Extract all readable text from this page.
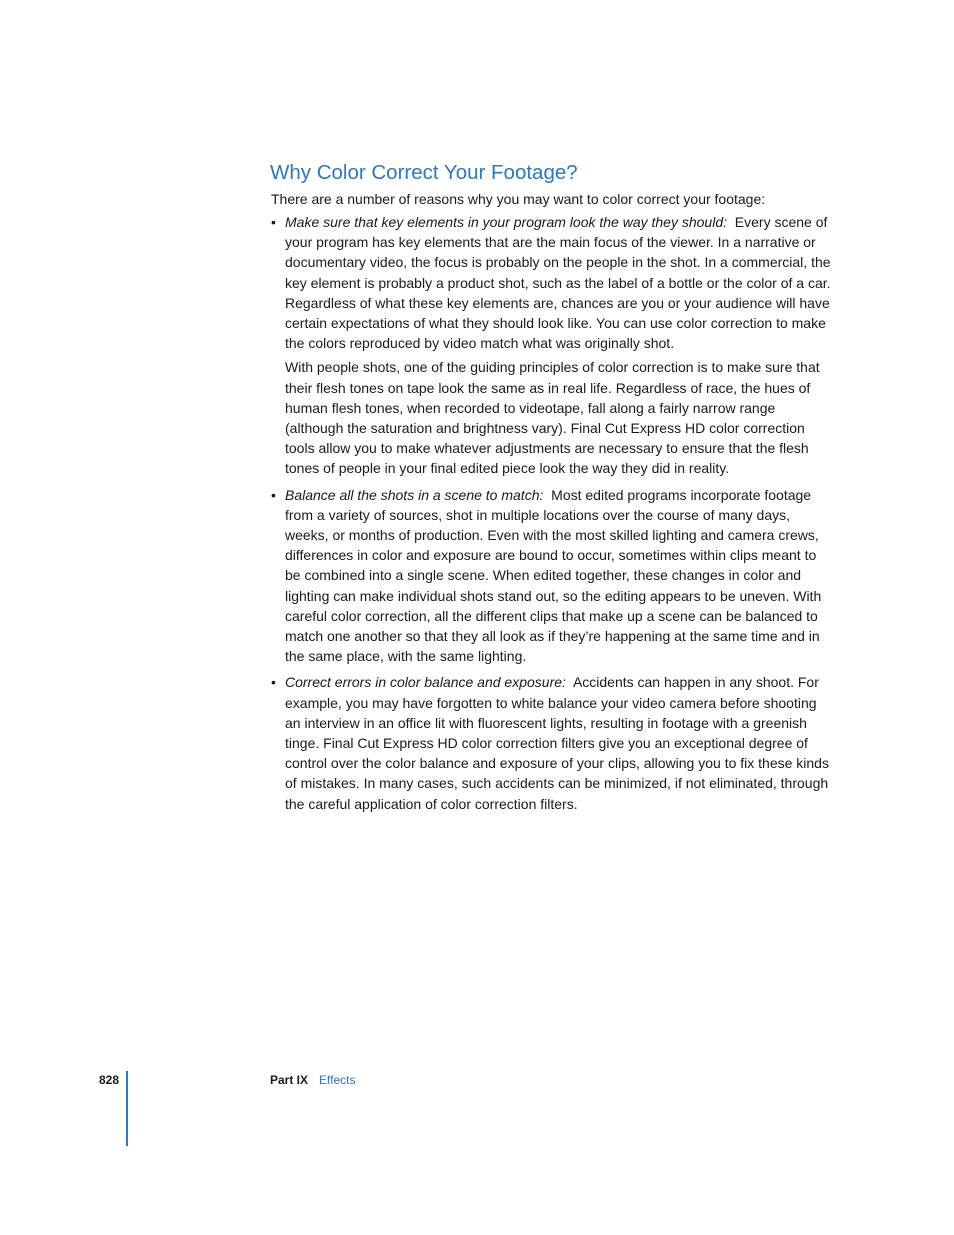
Why Color Correct Your Footage?

There are a number of reasons why you may want to color correct your footage:

• Make sure that key elements in your program look the way they should: Every scene of your program has key elements that are the main focus of the viewer. In a narrative or documentary video, the focus is probably on the people in the shot. In a commercial, the key element is probably a product shot, such as the label of a bottle or the color of a car. Regardless of what these key elements are, chances are you or your audience will have certain expectations of what they should look like. You can use color correction to make the colors reproduced by video match what was originally shot.

With people shots, one of the guiding principles of color correction is to make sure that their flesh tones on tape look the same as in real life. Regardless of race, the hues of human flesh tones, when recorded to videotape, fall along a fairly narrow range (although the saturation and brightness vary). Final Cut Express HD color correction tools allow you to make whatever adjustments are necessary to ensure that the flesh tones of people in your final edited piece look the way they did in reality.

• Balance all the shots in a scene to match: Most edited programs incorporate footage from a variety of sources, shot in multiple locations over the course of many days, weeks, or months of production. Even with the most skilled lighting and camera crews, differences in color and exposure are bound to occur, sometimes within clips meant to be combined into a single scene. When edited together, these changes in color and lighting can make individual shots stand out, so the editing appears to be uneven. With careful color correction, all the different clips that make up a scene can be balanced to match one another so that they all look as if they’re happening at the same time and in the same place, with the same lighting.

• Correct errors in color balance and exposure: Accidents can happen in any shoot. For example, you may have forgotten to white balance your video camera before shooting an interview in an office lit with fluorescent lights, resulting in footage with a greenish tinge. Final Cut Express HD color correction filters give you an exceptional degree of control over the color balance and exposure of your clips, allowing you to fix these kinds of mistakes. In many cases, such accidents can be minimized, if not eliminated, through the careful application of color correction filters.

828	Part IX Effects
